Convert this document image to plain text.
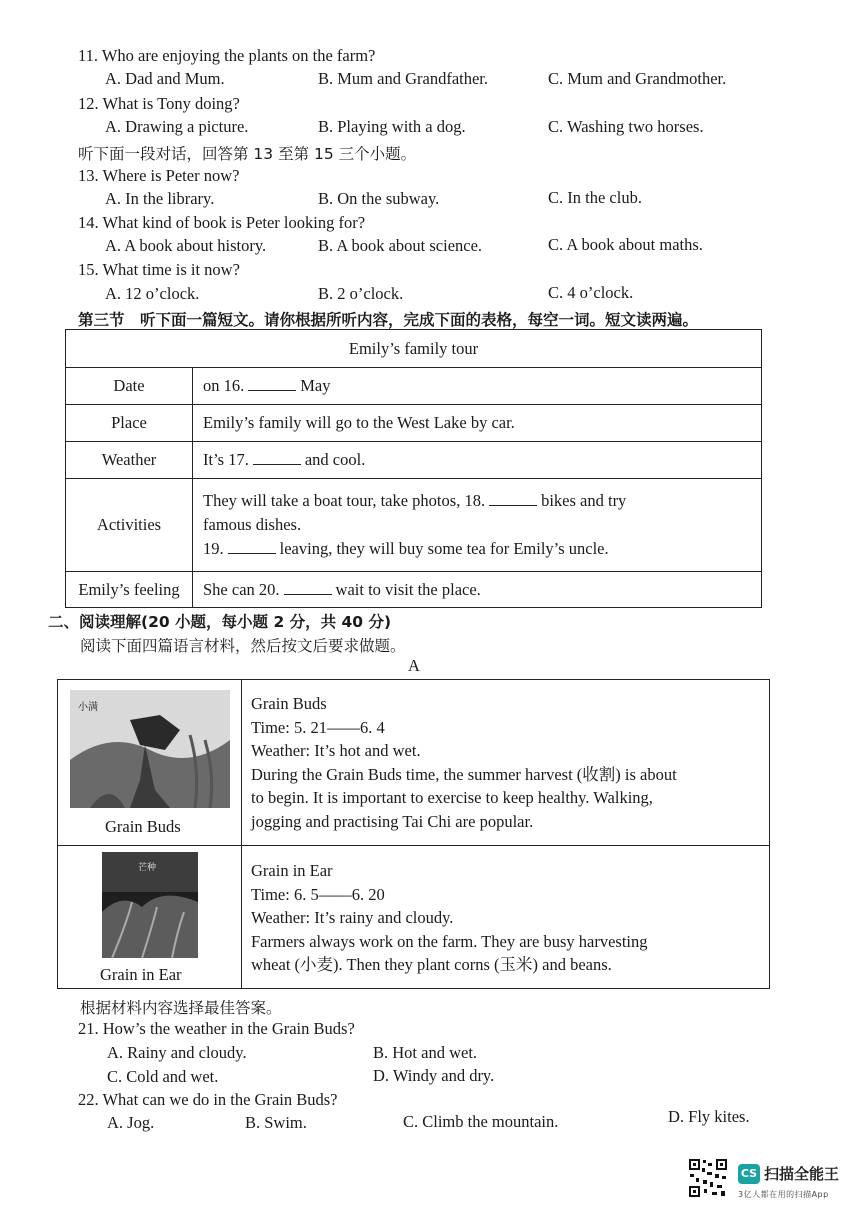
11. Who are enjoying the plants on the farm?
A. Dad and Mum.	B. Mum and Grandfather.	C. Mum and Grandmother.
12. What is Tony doing?
A. Drawing a picture.	B. Playing with a dog.	C. Washing two horses.
听下面一段对话，回答第 13 至第 15 三个小题。
13. Where is Peter now?
A. In the library.	B. On the subway.	C. In the club.
14. What kind of book is Peter looking for?
A. A book about history.	B. A book about science.	C. A book about maths.
15. What time is it now?
A. 12 o’clock.	B. 2 o’clock.	C. 4 o’clock.
第三节　听下面一篇短文。请你根据所听内容，完成下面的表格，每空一词。短文读两遍。
Emily’s family tour	
Date	on 16. May
Place	Emily’s family will go to the West Lake by car.
Weather	It’s 17. and cool.
Activities	They will take a boat tour, take photos, 18. bikes and try
famous dishes.
19. leaving, they will buy some tea for Emily’s uncle.

Emily’s feeling	She can 20. wait to visit the place.
二、阅读理解(20 小题，每小题 2 分，共 40 分)
阅读下面四篇语言材料，然后按文后要求做题。
A
小满
Grain Buds
Grain Buds
Time: 5. 21——6. 4
Weather: It’s hot and wet.
During the Grain Buds time, the summer harvest (收割) is about
to begin. It is important to exercise to keep healthy. Walking,
jogging and practising Tai Chi are popular.
芒种
Grain in Ear
Grain in Ear
Time: 6. 5——6. 20
Weather: It’s rainy and cloudy.
Farmers always work on the farm. They are busy harvesting
wheat (小麦). Then they plant corns (玉米) and beans.
根据材料内容选择最佳答案。
21. How’s the weather in the Grain Buds?
A. Rainy and cloudy.	B. Hot and wet.
C. Cold and wet.	D. Windy and dry.
22. What can we do in the Grain Buds?
A. Jog.	B. Swim.	C. Climb the mountain.	D. Fly kites.
CS 扫描全能王
3亿人都在用的扫描App
